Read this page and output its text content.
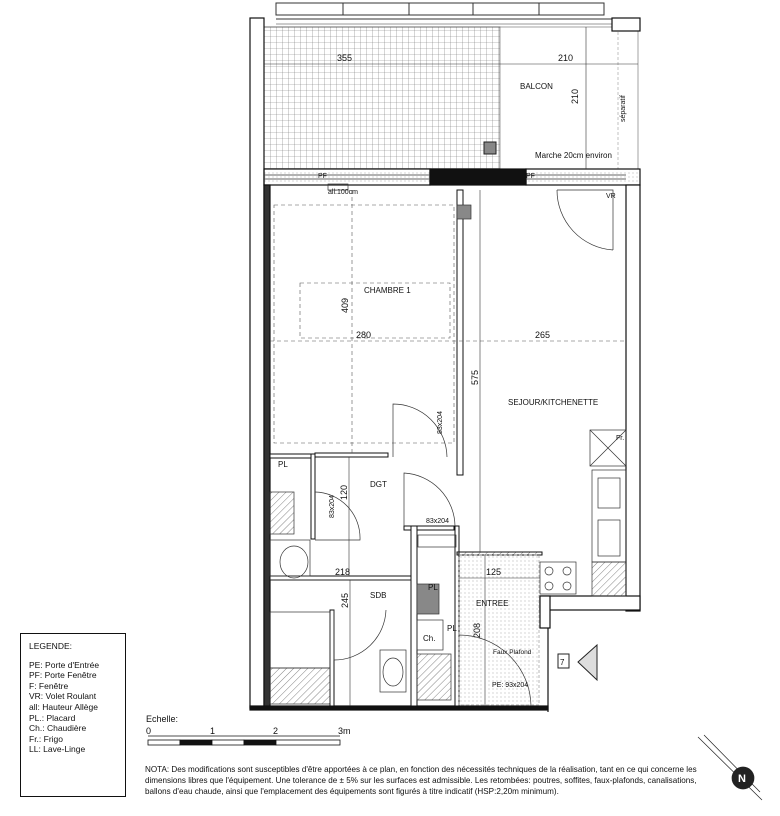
N
BALCON
CHAMBRE 1
SEJOUR/KITCHENETTE
DGT
SDB
ENTREE
355	210
210
409
280	265
575
120
218
245
125
208
Marche 20cm environ
séparatif
all:100cm
PF	PF
VR
83x204
83x204
83x204
PL
PL
PL
Ch.
Fr.
Faux Plafond
PE: 93x204
7
0	1	2	3m
LEGENDE:
PE: Porte d'Entrée
PF: Porte Fenêtre
F: Fenêtre
VR: Volet Roulant
all: Hauteur Allège
PL.: Placard
Ch.: Chaudière
Fr.: Frigo
LL: Lave-Linge
Echelle:
NOTA: Des modifications sont susceptibles d'être apportées à ce plan, en fonction des nécessités techniques de la réalisation, tant en ce qui concerne les dimensions libres que l'équipement. Une tolerance de ± 5% sur les surfaces est admissible. Les retombées: poutres, soffites, faux-plafonds, canalisations, ballons d'eau chaude, ainsi que l'emplacement des équipements sont figurés à titre indicatif (HSP:2,20m minimum).
